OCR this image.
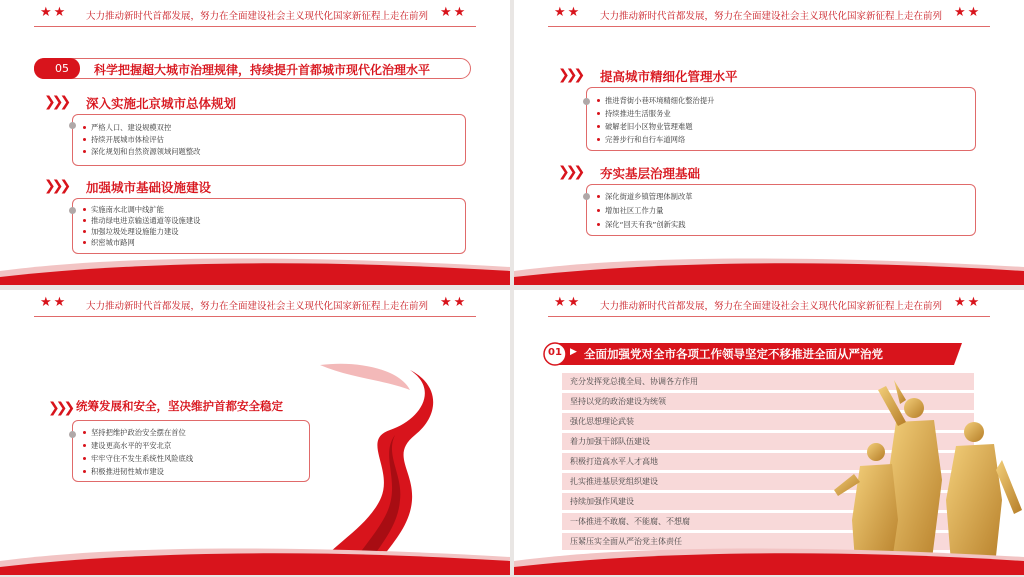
★★ 大力推动新时代首都发展，努力在全面建设社会主义现代化国家新征程上走在前列 ★★
05	科学把握超大城市治理规律，持续提升首都城市现代化治理水平
❯❯❯ 深入实施北京城市总体规划
严格人口、建设规模双控
持续开展城市体检评估
深化规划和自然资源领域问题整改
❯❯❯ 加强城市基础设施建设
实施南水北调中线扩能
推动绿电进京输送通道等设施建设
加强垃圾处理设施能力建设
织密城市路网
★★ 大力推动新时代首都发展，努力在全面建设社会主义现代化国家新征程上走在前列 ★★
❯❯❯ 提高城市精细化管理水平
推进背街小巷环境精细化整治提升
持续推进生活服务业
破解老旧小区物业管理难题
完善步行和自行车道网络
❯❯❯ 夯实基层治理基础
深化街道乡镇管理体制改革
增加社区工作力量
深化“回天有我”创新实践
★★ 大力推动新时代首都发展，努力在全面建设社会主义现代化国家新征程上走在前列 ★★
❯❯❯ 统筹发展和安全，坚决维护首都安全稳定
坚持把维护政治安全摆在首位
建设更高水平的平安北京
牢牢守住不发生系统性风险底线
积极推进韧性城市建设
★★ 大力推动新时代首都发展，努力在全面建设社会主义现代化国家新征程上走在前列 ★★
01 ▶ 全面加强党对全市各项工作领导坚定不移推进全面从严治党
充分发挥党总揽全局、协调各方作用
坚持以党的政治建设为统领
强化思想理论武装
着力加强干部队伍建设
积极打造高水平人才高地
扎实推进基层党组织建设
持续加强作风建设
一体推进不敢腐、不能腐、不想腐
压紧压实全面从严治党主体责任
